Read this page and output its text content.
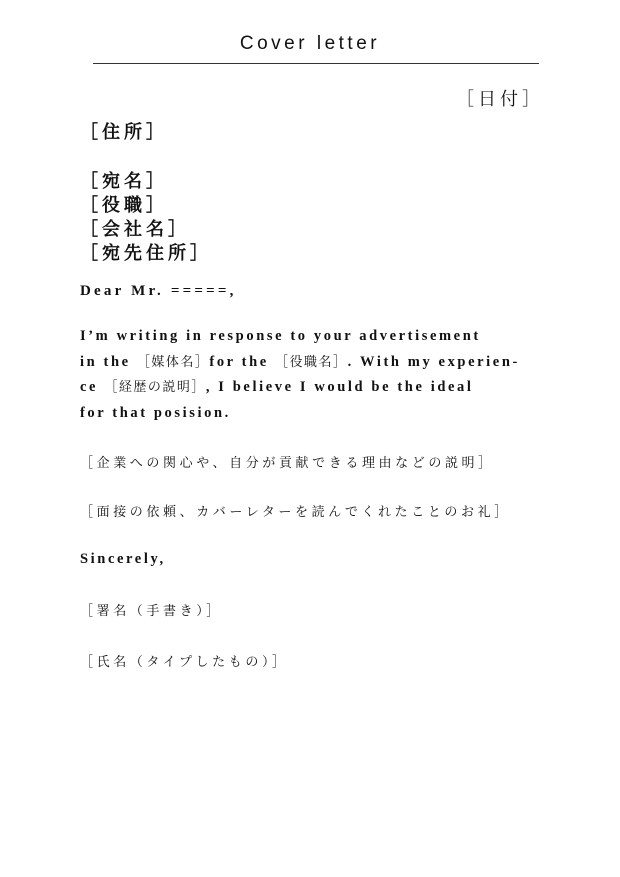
Cover letter
［日付］

［住所］

［宛名］

［役職］

［会社名］

［宛先住所］

Dear Mr. =====,
I’m writing in response to your advertisement
in the ［媒体名］for the ［役職名］. With my experien-
ce ［経歴の説明］, I believe I would be the ideal
for that posision.
［企業への関心や、自分が貢献できる理由などの説明］
［面接の依頼、カバーレターを読んでくれたことのお礼］
Sincerely,
［署名（手書き）］
［氏名（タイプしたもの）］
